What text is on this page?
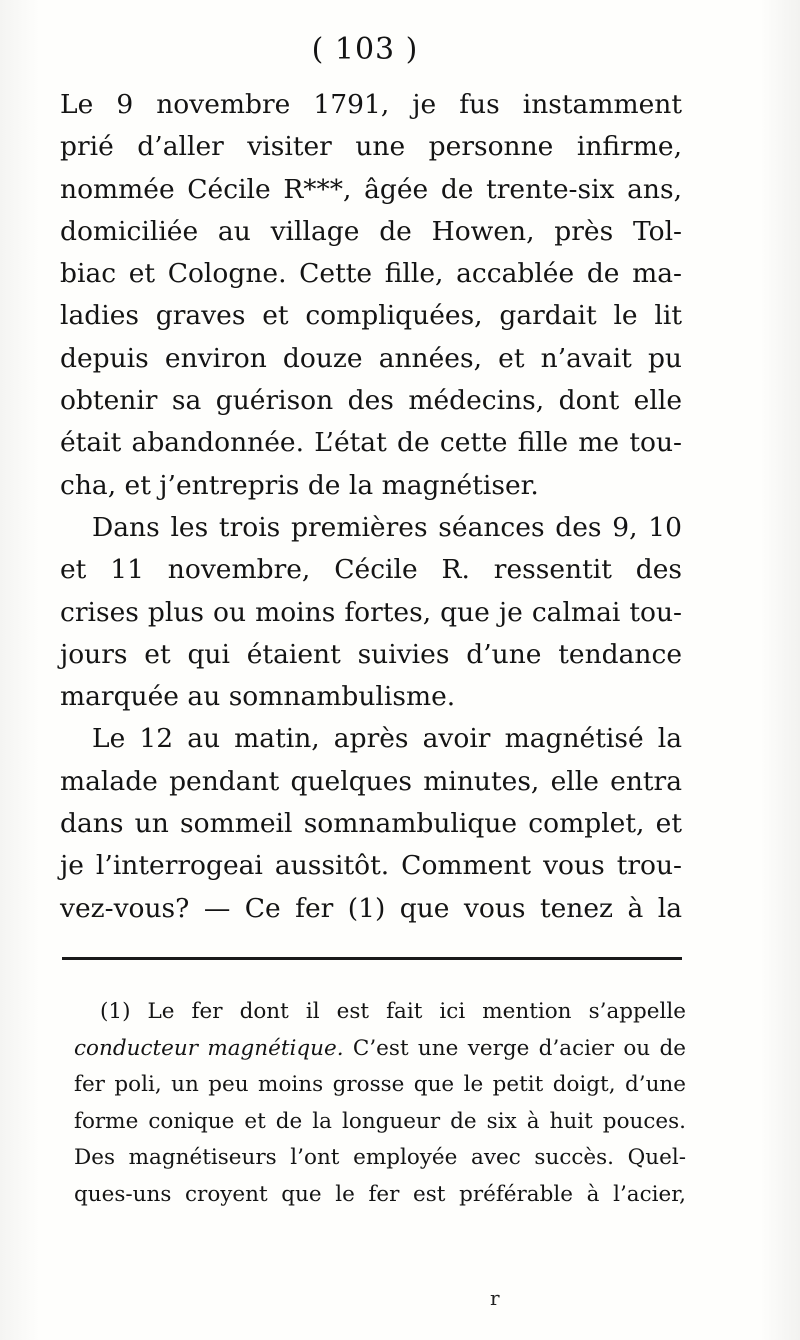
( 103 )
Le 9 novembre 1791, je fus instamment
prié d’aller visiter une personne infirme,
nommée Cécile R***, âgée de trente-six ans,
domiciliée au village de Howen, près Tol-
biac et Cologne. Cette fille, accablée de ma-
ladies graves et compliquées, gardait le lit
depuis environ douze années, et n’avait pu
obtenir sa guérison des médecins, dont elle
était abandonnée. L’état de cette fille me tou-
cha, et j’entrepris de la magnétiser.
Dans les trois premières séances des 9, 10
et 11 novembre, Cécile R. ressentit des
crises plus ou moins fortes, que je calmai tou-
jours et qui étaient suivies d’une tendance
marquée au somnambulisme.
Le 12 au matin, après avoir magnétisé la
malade pendant quelques minutes, elle entra
dans un sommeil somnambulique complet, et
je l’interrogeai aussitôt. Comment vous trou-
vez-vous? — Ce fer (1) que vous tenez à la
(1) Le fer dont il est fait ici mention s’appelle
conducteur magnétique. C’est une verge d’acier ou de
fer poli, un peu moins grosse que le petit doigt, d’une
forme conique et de la longueur de six à huit pouces.
Des magnétiseurs l’ont employée avec succès. Quel-
ques-uns croyent que le fer est préférable à l’acier,
r
